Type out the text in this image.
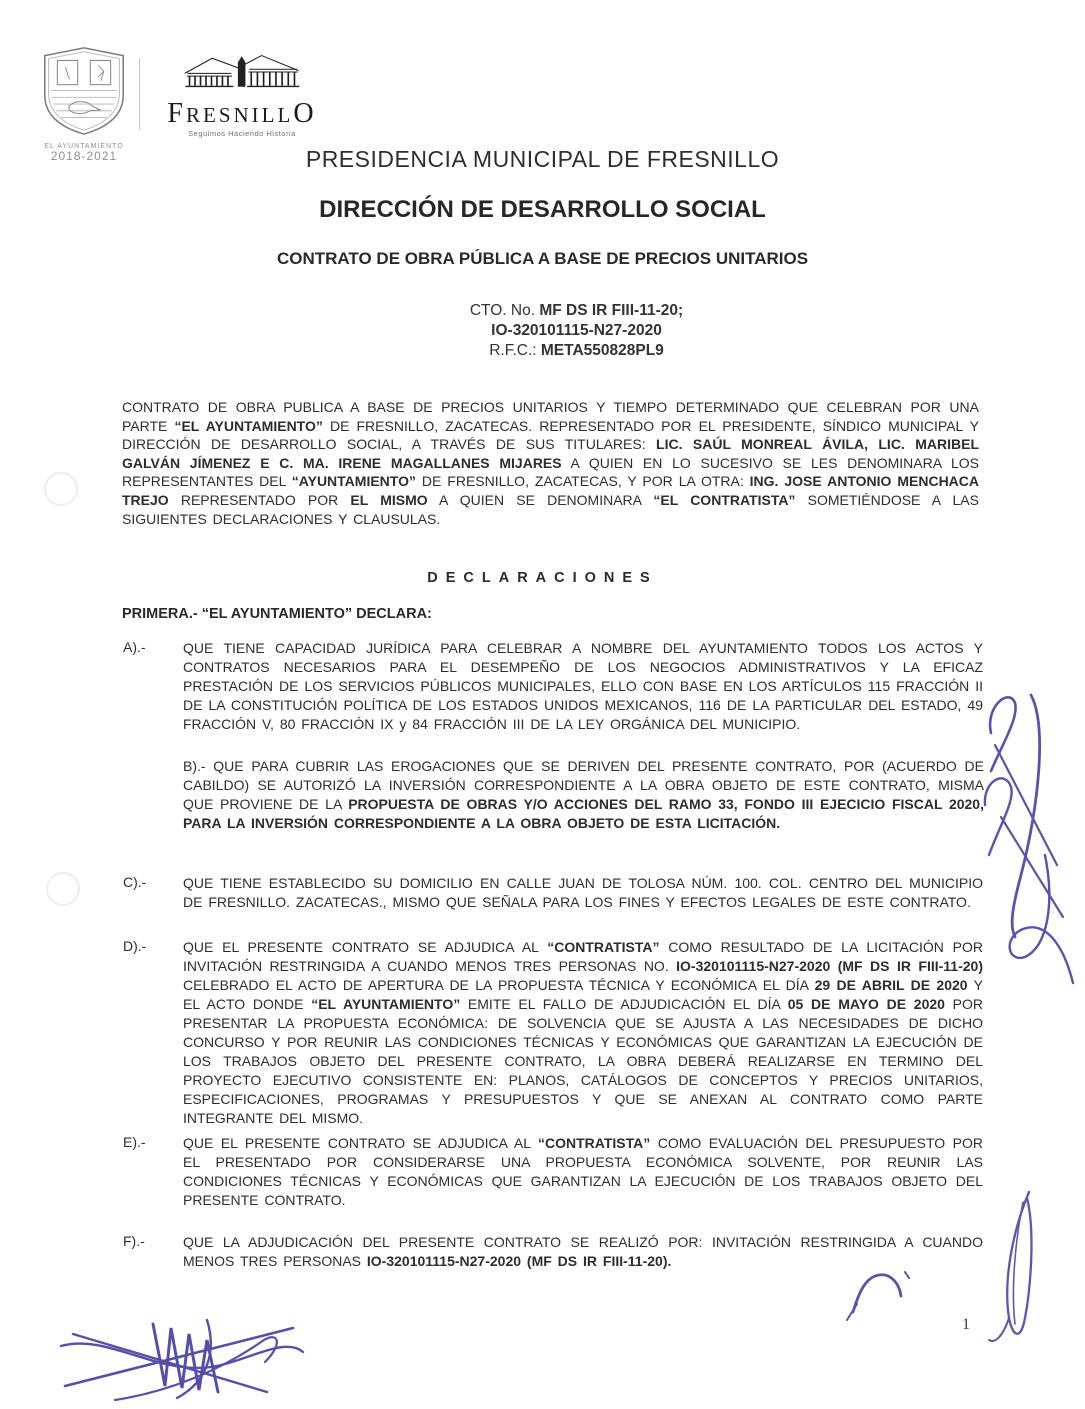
EL AYUNTAMIENTO
2018-2021
FRESNILLO
Seguimos Haciendo Historia
PRESIDENCIA MUNICIPAL DE FRESNILLO
DIRECCIÓN DE DESARROLLO SOCIAL
CONTRATO DE OBRA PÚBLICA A BASE DE PRECIOS UNITARIOS
CTO. No. MF DS IR FIII-11-20;
IO-320101115-N27-2020
R.F.C.: META550828PL9

CONTRATO DE OBRA PUBLICA A BASE DE PRECIOS UNITARIOS Y TIEMPO DETERMINADO QUE CELEBRAN POR UNA PARTE “EL AYUNTAMIENTO” DE FRESNILLO, ZACATECAS. REPRESENTADO POR EL PRESIDENTE, SÍNDICO MUNICIPAL Y DIRECCIÓN DE DESARROLLO SOCIAL, A TRAVÉS DE SUS TITULARES: LIC. SAÚL MONREAL ÁVILA, LIC. MARIBEL GALVÁN JÍMENEZ E C. MA. IRENE MAGALLANES MIJARES A QUIEN EN LO SUCESIVO SE LES DENOMINARA LOS REPRESENTANTES DEL “AYUNTAMIENTO” DE FRESNILLO, ZACATECAS, Y POR LA OTRA: ING. JOSE ANTONIO MENCHACA TREJO REPRESENTADO POR EL MISMO A QUIEN SE DENOMINARA “EL CONTRATISTA” SOMETIÉNDOSE A LAS SIGUIENTES DECLARACIONES Y CLAUSULAS.

DECLARACIONES
PRIMERA.- “EL AYUNTAMIENTO” DECLARA:
A).-	QUE TIENE CAPACIDAD JURÍDICA PARA CELEBRAR A NOMBRE DEL AYUNTAMIENTO TODOS LOS ACTOS Y CONTRATOS NECESARIOS PARA EL DESEMPEÑO DE LOS NEGOCIOS ADMINISTRATIVOS Y LA EFICAZ PRESTACIÓN DE LOS SERVICIOS PÚBLICOS MUNICIPALES, ELLO CON BASE EN LOS ARTÍCULOS 115 FRACCIÓN II DE LA CONSTITUCIÓN POLÍTICA DE LOS ESTADOS UNIDOS MEXICANOS, 116 DE LA PARTICULAR DEL ESTADO, 49 FRACCIÓN V, 80 FRACCIÓN IX y 84 FRACCIÓN III DE LA LEY ORGÁNICA DEL MUNICIPIO.

B).- QUE PARA CUBRIR LAS EROGACIONES QUE SE DERIVEN DEL PRESENTE CONTRATO, POR (ACUERDO DE CABILDO) SE AUTORIZÓ LA INVERSIÓN CORRESPONDIENTE A LA OBRA OBJETO DE ESTE CONTRATO, MISMA QUE PROVIENE DE LA PROPUESTA DE OBRAS Y/O ACCIONES DEL RAMO 33, FONDO III EJECICIO FISCAL 2020, PARA LA INVERSIÓN CORRESPONDIENTE A LA OBRA OBJETO DE ESTA LICITACIÓN.

C).-	QUE TIENE ESTABLECIDO SU DOMICILIO EN CALLE JUAN DE TOLOSA NÚM. 100. COL. CENTRO DEL MUNICIPIO DE FRESNILLO. ZACATECAS., MISMO QUE SEÑALA PARA LOS FINES Y EFECTOS LEGALES DE ESTE CONTRATO.

D).-	QUE EL PRESENTE CONTRATO SE ADJUDICA AL “CONTRATISTA” COMO RESULTADO DE LA LICITACIÓN POR INVITACIÓN RESTRINGIDA A CUANDO MENOS TRES PERSONAS NO. IO-320101115-N27-2020 (MF DS IR FIII-11-20) CELEBRADO EL ACTO DE APERTURA DE LA PROPUESTA TÉCNICA Y ECONÓMICA EL DÍA 29 DE ABRIL DE 2020 Y EL ACTO DONDE “EL AYUNTAMIENTO” EMITE EL FALLO DE ADJUDICACIÓN EL DÍA 05 DE MAYO DE 2020 POR PRESENTAR LA PROPUESTA ECONÓMICA: DE SOLVENCIA QUE SE AJUSTA A LAS NECESIDADES DE DICHO CONCURSO Y POR REUNIR LAS CONDICIONES TÉCNICAS Y ECONÓMICAS QUE GARANTIZAN LA EJECUCIÓN DE LOS TRABAJOS OBJETO DEL PRESENTE CONTRATO, LA OBRA DEBERÁ REALIZARSE EN TERMINO DEL PROYECTO EJECUTIVO CONSISTENTE EN: PLANOS, CATÁLOGOS DE CONCEPTOS Y PRECIOS UNITARIOS, ESPECIFICACIONES, PROGRAMAS Y PRESUPUESTOS Y QUE SE ANEXAN AL CONTRATO COMO PARTE INTEGRANTE DEL MISMO.

E).-	QUE EL PRESENTE CONTRATO SE ADJUDICA AL “CONTRATISTA” COMO EVALUACIÓN DEL PRESUPUESTO POR EL PRESENTADO POR CONSIDERARSE UNA PROPUESTA ECONÓMICA SOLVENTE, POR REUNIR LAS CONDICIONES TÉCNICAS Y ECONÓMICAS QUE GARANTIZAN LA EJECUCIÓN DE LOS TRABAJOS OBJETO DEL PRESENTE CONTRATO.

F).-	QUE LA ADJUDICACIÓN DEL PRESENTE CONTRATO SE REALIZÓ POR: INVITACIÓN RESTRINGIDA A CUANDO MENOS TRES PERSONAS IO-320101115-N27-2020 (MF DS IR FIII-11-20).

1
